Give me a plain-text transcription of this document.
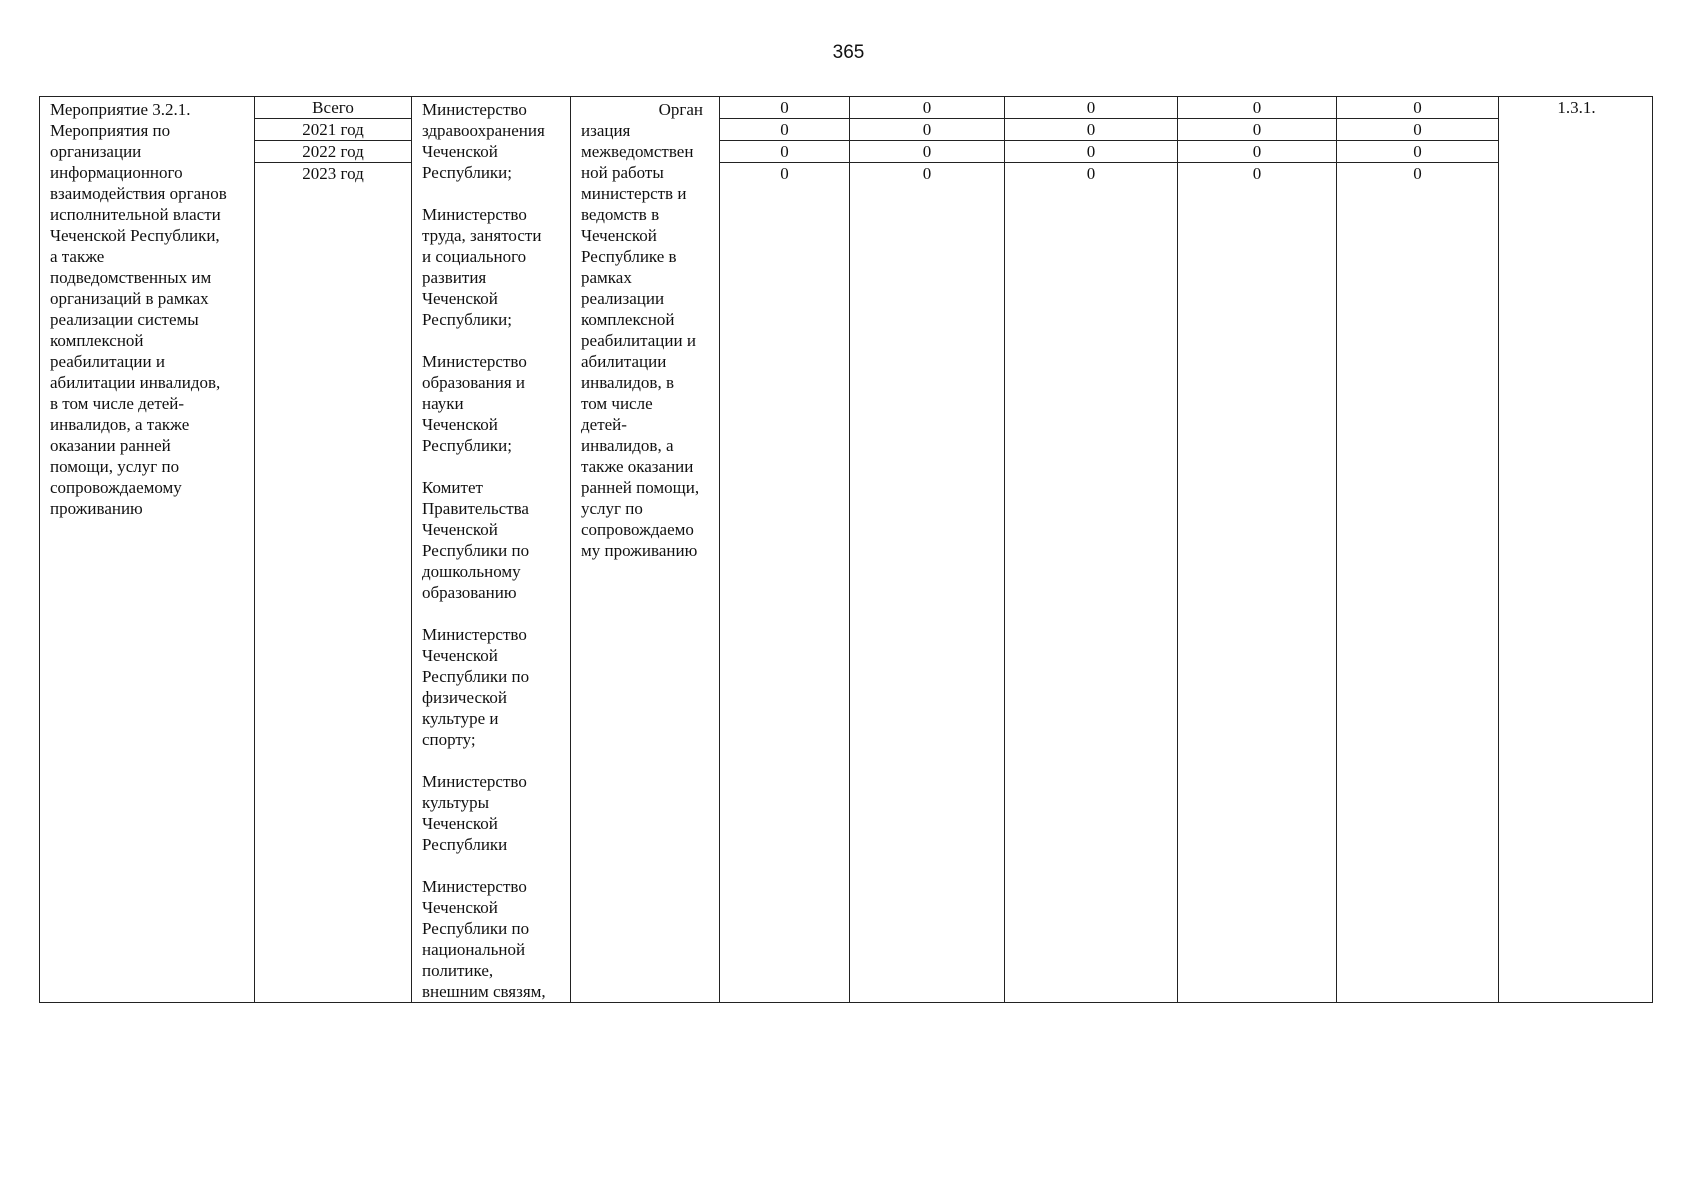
365
Мероприятие 3.2.1.
Мероприятия по
организации
информационного
взаимодействия органов
исполнительной власти
Чеченской Республики,
а также
подведомственных им
организаций в рамках
реализации системы
комплексной
реабилитации и
абилитации инвалидов,
в том числе детей-
инвалидов, а также
оказании ранней
помощи, услуг по
сопровождаемому
проживанию
Всего
2021 год
2022 год
2023 год
Министерство
здравоохранения
Чеченской
Республики;

Министерство
труда, занятости
и социального
развития
Чеченской
Республики;

Министерство
образования и
науки
Чеченской
Республики;

Комитет
Правительства
Чеченской
Республики по
дошкольному
образованию

Министерство
Чеченской
Республики по
физической
культуре и
спорту;

Министерство
культуры
Чеченской
Республики

Министерство
Чеченской
Республики по
национальной
политике,
внешним связям,
Орган
изация
межведомствен
ной работы
министерств и
ведомств в
Чеченской
Республике в
рамках
реализации
комплексной
реабилитации и
абилитации
инвалидов, в
том числе
детей-
инвалидов, а
также оказании
ранней помощи,
услуг по
сопровождаемо
му проживанию
0
0
0
0
0
0
0
0
0
0
0
0
0
0
0
0
0
0
0
0
1.3.1.
